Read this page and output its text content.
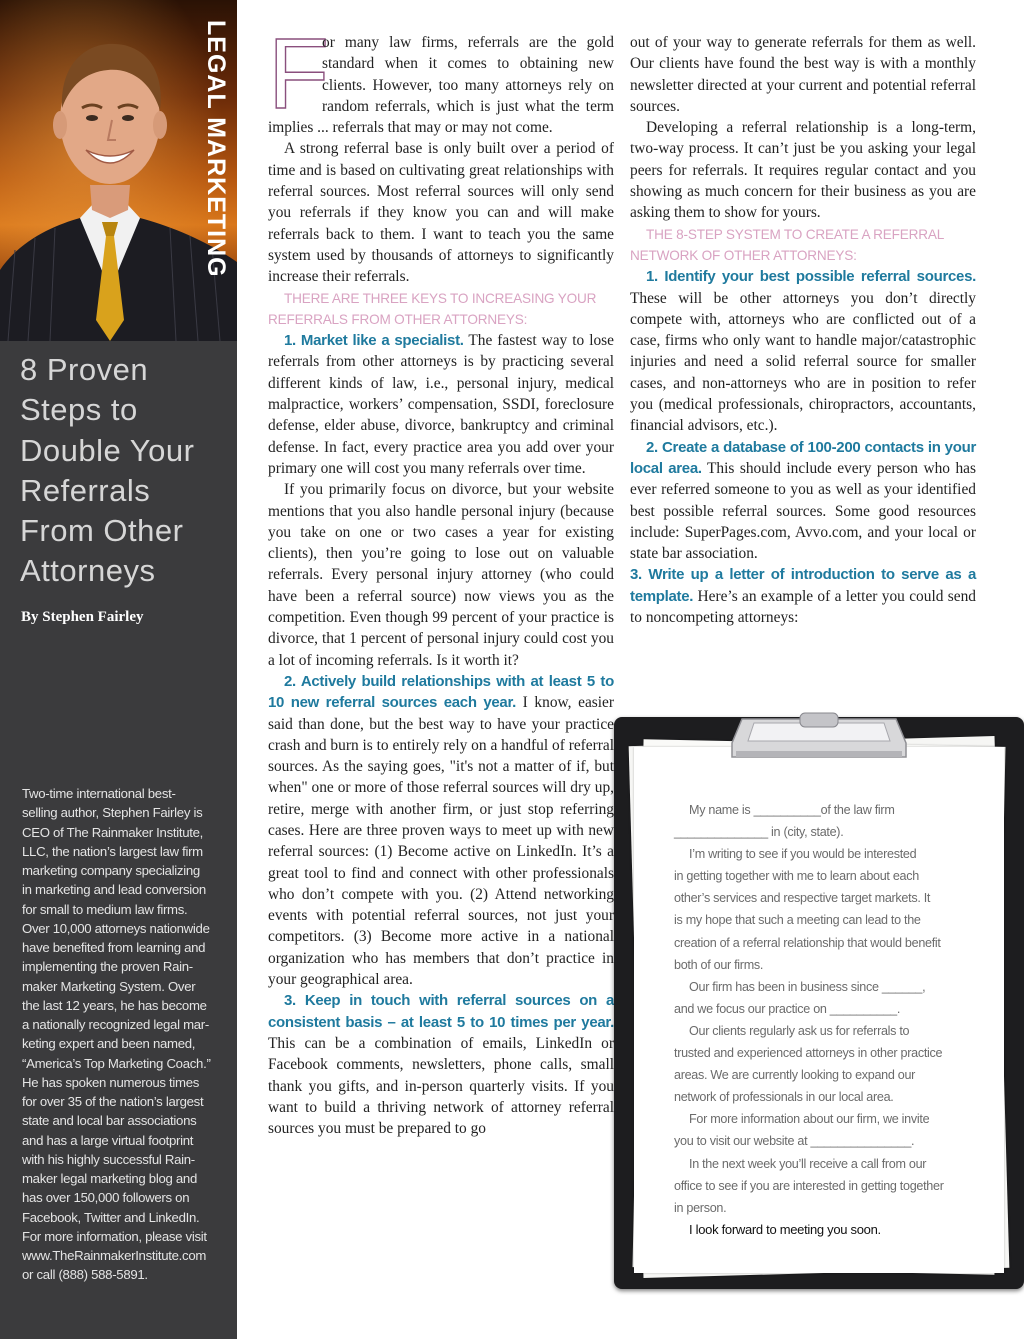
LEGAL MARKETING
8 Proven
Steps to
Double Your
Referrals
From Other
Attorneys
By Stephen Fairley
Two-time international best-
selling author, Stephen Fairley is
CEO of The Rainmaker Institute,
LLC, the nation’s largest law firm
marketing company specializing
in marketing and lead conversion
for small to medium law firms.
Over 10,000 attorneys nationwide
have benefited from learning and
implementing the proven Rain-
maker Marketing System. Over
the last 12 years, he has become
a nationally recognized legal mar-
keting expert and been named,
“America’s Top Marketing Coach.”
He has spoken numerous times
for over 35 of the nation’s largest
state and local bar associations
and has a large virtual footprint
with his highly successful Rain-
maker legal marketing blog and
has over 150,000 followers on
Facebook, Twitter and LinkedIn.
For more information, please visit
www.TheRainmakerInstitute.com
or call (888) 588-5891.

F
or many law firms, referrals are the gold standard when it comes to obtaining new clients. However, too many attorneys rely on random referrals, which is just what the term implies ... referrals that may or may not come.

A strong referral base is only built over a period of time and is based on cultivating great relationships with referral sources. Most referral sources will only send you referrals if they know you can and will make referrals back to them. I want to teach you the same system used by thousands of attorneys to significantly increase their referrals.

THERE ARE THREE KEYS TO INCREASING YOUR REFERRALS FROM OTHER ATTORNEYS:

1. Market like a specialist. The fastest way to lose referrals from other attorneys is by practicing several different kinds of law, i.e., personal injury, medical malpractice, workers’ compensation, SSDI, foreclosure defense, elder abuse, divorce, bankruptcy and criminal defense. In fact, every practice area you add over your primary one will cost you many referrals over time.

If you primarily focus on divorce, but your website mentions that you also handle personal injury (because you take on one or two cases a year for existing clients), then you’re going to lose out on valuable referrals. Every personal injury attorney (who could have been a referral source) now views you as the competition. Even though 99 percent of your practice is divorce, that 1 percent of personal injury could cost you a lot of incoming referrals. Is it worth it?

2. Actively build relationships with at least 5 to 10 new referral sources each year. I know, easier said than done, but the best way to have your practice crash and burn is to entirely rely on a handful of referral sources. As the saying goes, "it's not a matter of if, but when" one or more of those referral sources will dry up, retire, merge with another firm, or just stop referring cases. Here are three proven ways to meet up with new referral sources: (1) Become active on LinkedIn. It’s a great tool to find and connect with other professionals who don’t compete with you. (2) Attend networking events with potential referral sources, not just your competitors. (3) Become more active in a national organization who has members that don’t practice in your geographical area.

3. Keep in touch with referral sources on a consistent basis – at least 5 to 10 times per year. This can be a combination of emails, LinkedIn or Facebook comments, newsletters, phone calls, small thank you gifts, and in-person quarterly visits. If you want to build a thriving network of attorney referral sources you must be prepared to go

out of your way to generate referrals for them as well. Our clients have found the best way is with a monthly newsletter directed at your current and potential referral sources.

Developing a referral relationship is a long-term, two-way process. It can’t just be you asking your legal peers for referrals. It requires regular contact and you showing as much concern for their business as you are asking them to show for yours.

THE 8-STEP SYSTEM TO CREATE A REFERRAL NETWORK OF OTHER ATTORNEYS:

1. Identify your best possible referral sources. These will be other attorneys you don’t directly compete with, attorneys who are conflicted out of a case, firms who only want to handle major/catastrophic injuries and need a solid referral source for smaller cases, and non-attorneys who are in position to refer you (medical professionals, chiropractors, accountants, financial advisors, etc.).

2. Create a database of 100-200 contacts in your local area. This should include every person who has ever referred someone to you as well as your identified best possible referral sources. Some good resources include: SuperPages.com, Avvo.com, and your local or state bar association.

3. Write up a letter of introduction to serve as a template. Here’s an example of a letter you could send to noncompeting attorneys:

My name is __________of the law firm

______________ in (city, state).

I’m writing to see if you would be interested

in getting together with me to learn about each

other’s services and respective target markets. It

is my hope that such a meeting can lead to the

creation of a referral relationship that would benefit

both of our firms.

Our firm has been in business since ______,

and we focus our practice on __________.

Our clients regularly ask us for referrals to

trusted and experienced attorneys in other practice

areas. We are currently looking to expand our

network of professionals in our local area.

For more information about our firm, we invite

you to visit our website at _______________.

In the next week you’ll receive a call from our

office to see if you are interested in getting together

in person.

I look forward to meeting you soon.
